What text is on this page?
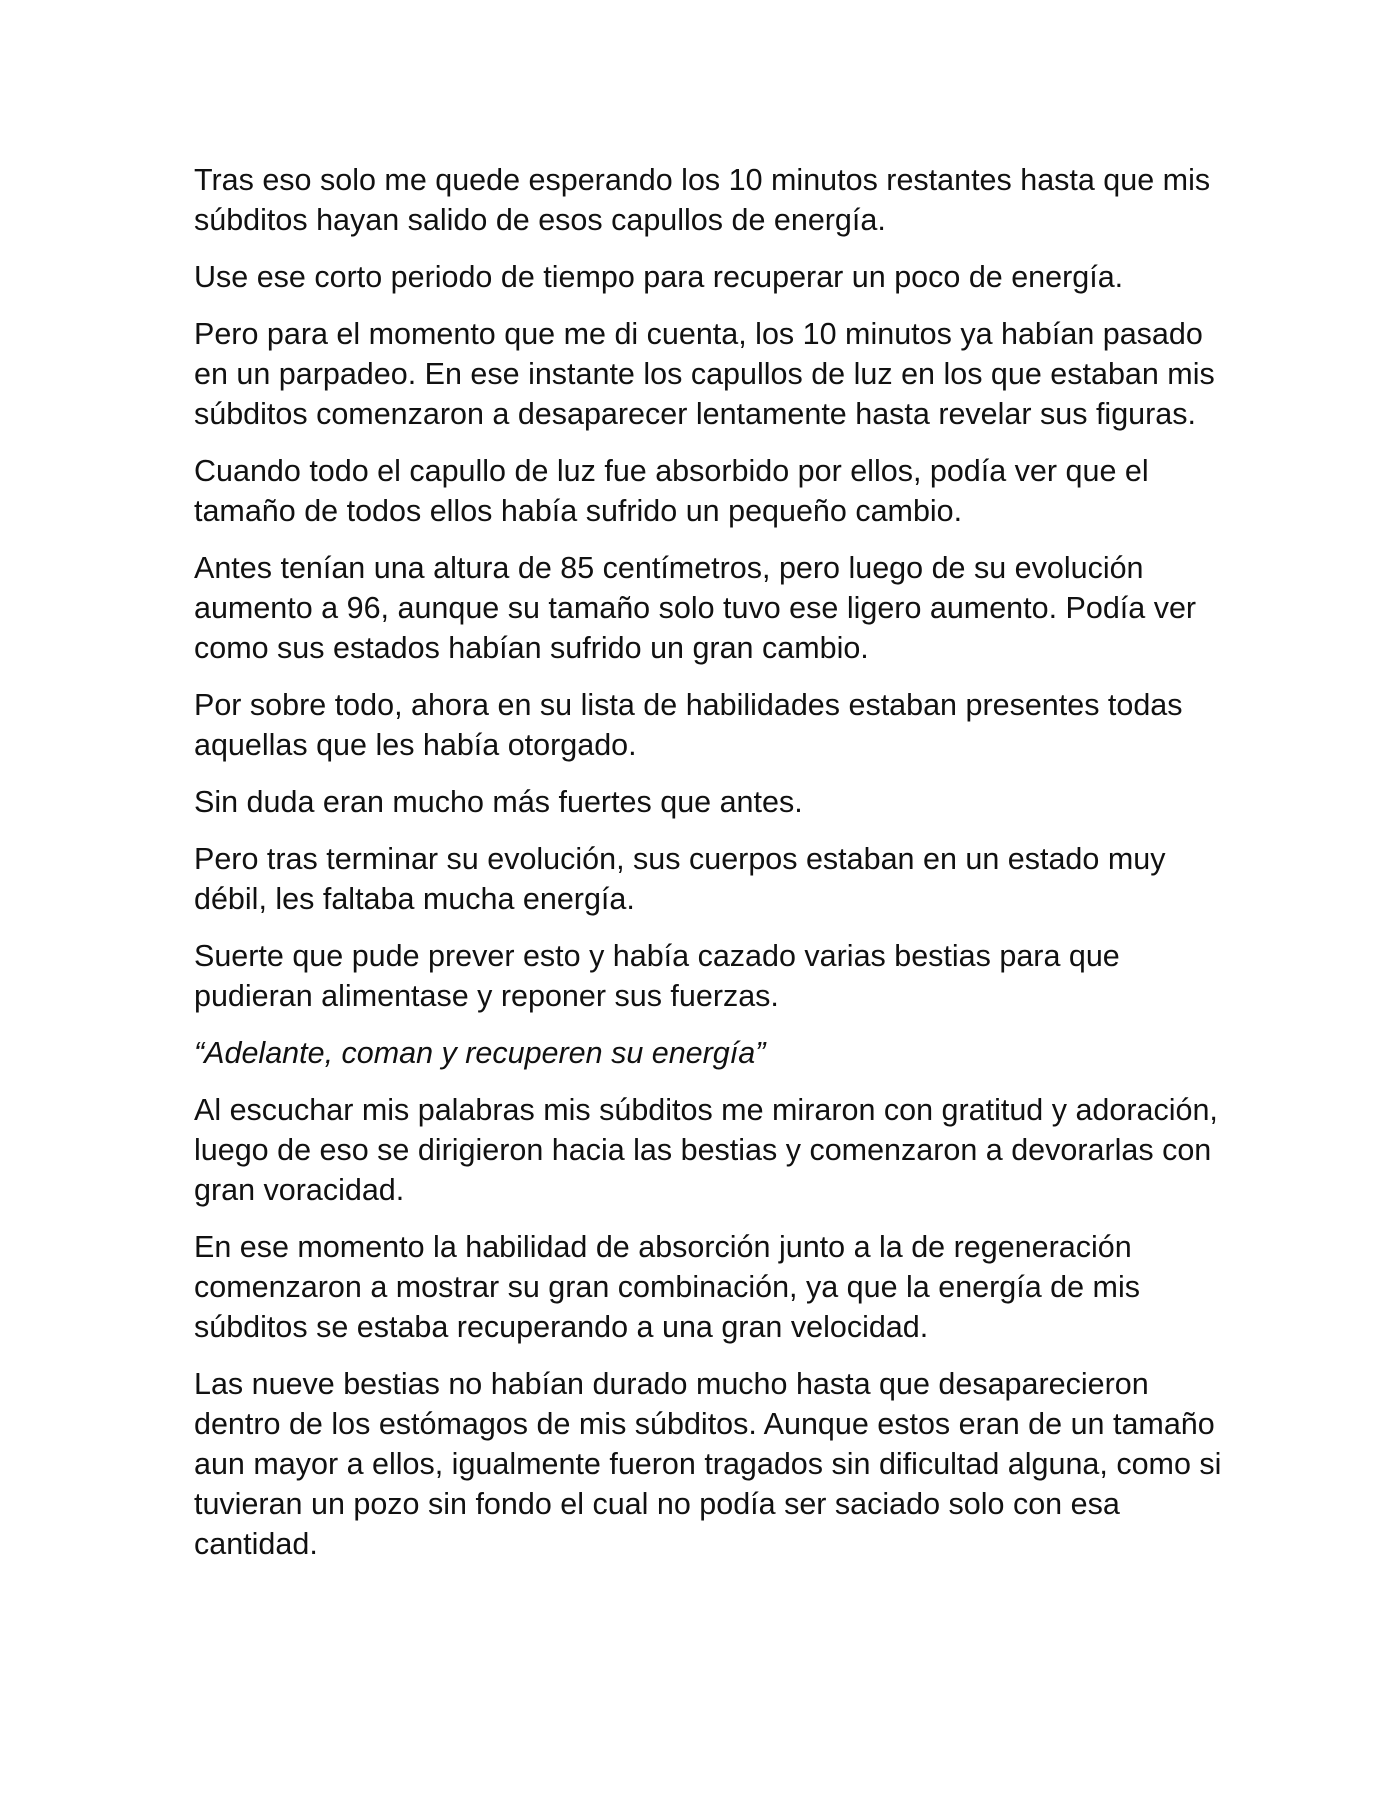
Tras eso solo me quede esperando los 10 minutos restantes hasta que mis súbditos hayan salido de esos capullos de energía.

Use ese corto periodo de tiempo para recuperar un poco de energía.

Pero para el momento que me di cuenta, los 10 minutos ya habían pasado en un parpadeo. En ese instante los capullos de luz en los que estaban mis súbditos comenzaron a desaparecer lentamente hasta revelar sus figuras.

Cuando todo el capullo de luz fue absorbido por ellos, podía ver que el tamaño de todos ellos había sufrido un pequeño cambio.

Antes tenían una altura de 85 centímetros, pero luego de su evolución aumento a 96, aunque su tamaño solo tuvo ese ligero aumento. Podía ver como sus estados habían sufrido un gran cambio.

Por sobre todo, ahora en su lista de habilidades estaban presentes todas aquellas que les había otorgado.

Sin duda eran mucho más fuertes que antes.

Pero tras terminar su evolución, sus cuerpos estaban en un estado muy débil, les faltaba mucha energía.

Suerte que pude prever esto y había cazado varias bestias para que pudieran alimentase y reponer sus fuerzas.

“Adelante, coman y recuperen su energía”

Al escuchar mis palabras mis súbditos me miraron con gratitud y adoración, luego de eso se dirigieron hacia las bestias y comenzaron a devorarlas con gran voracidad.

En ese momento la habilidad de absorción junto a la de regeneración comenzaron a mostrar su gran combinación, ya que la energía de mis súbditos se estaba recuperando a una gran velocidad.

Las nueve bestias no habían durado mucho hasta que desaparecieron dentro de los estómagos de mis súbditos. Aunque estos eran de un tamaño aun mayor a ellos, igualmente fueron tragados sin dificultad alguna, como si tuvieran un pozo sin fondo el cual no podía ser saciado solo con esa cantidad.
